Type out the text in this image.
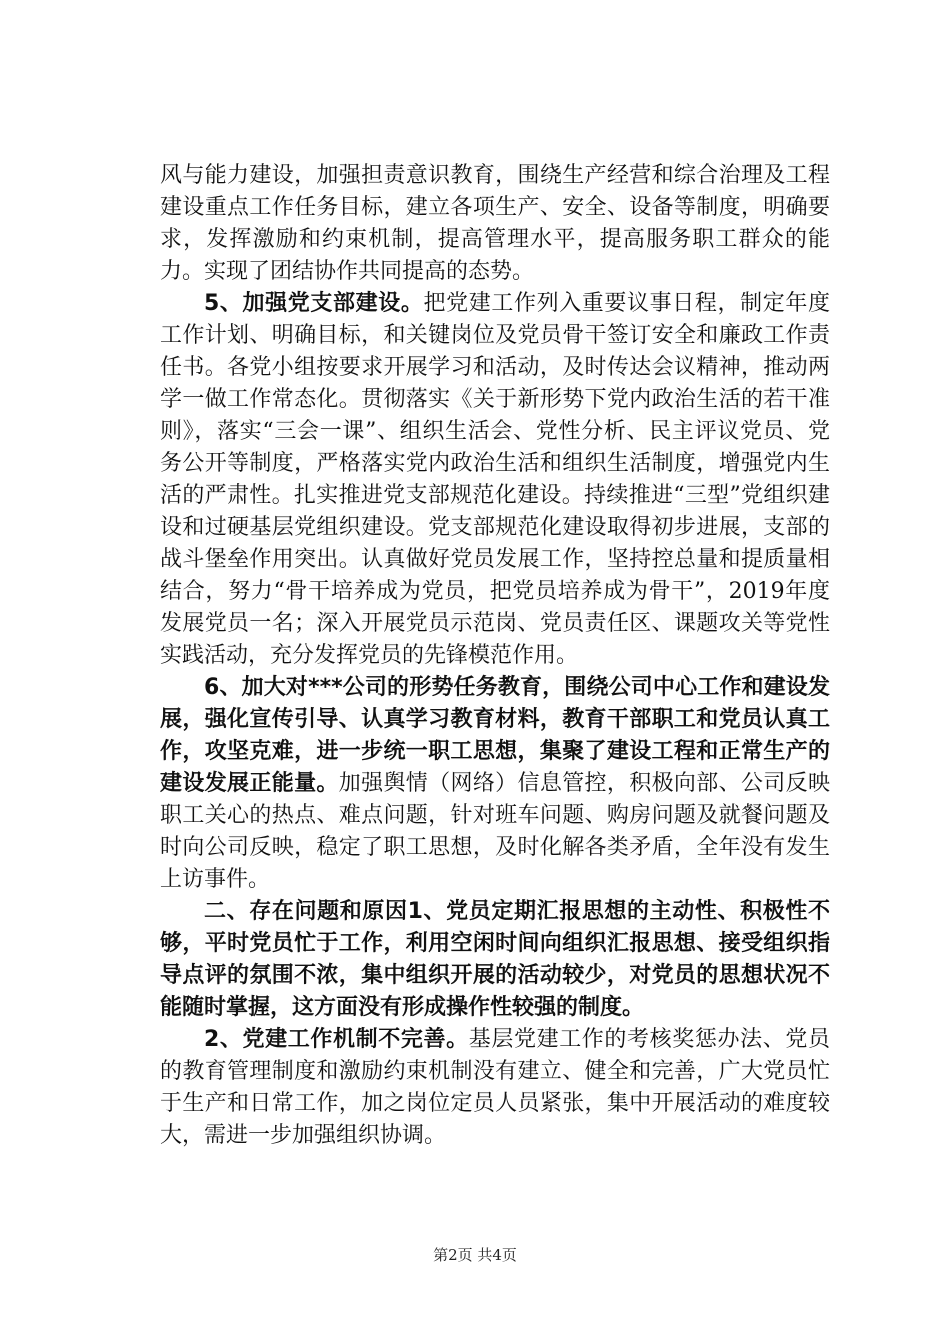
风与能力建设，加强担责意识教育，围绕生产经营和综合治理及工程建设重点工作任务目标，建立各项生产、安全、设备等制度，明确要求，发挥激励和约束机制，提高管理水平，提高服务职工群众的能力。实现了团结协作共同提高的态势。

5、加强党支部建设。把党建工作列入重要议事日程，制定年度工作计划、明确目标，和关键岗位及党员骨干签订安全和廉政工作责任书。各党小组按要求开展学习和活动，及时传达会议精神，推动两学一做工作常态化。贯彻落实《关于新形势下党内政治生活的若干准则》，落实“三会一课”、组织生活会、党性分析、民主评议党员、党务公开等制度，严格落实党内政治生活和组织生活制度，增强党内生活的严肃性。扎实推进党支部规范化建设。持续推进“三型”党组织建设和过硬基层党组织建设。党支部规范化建设取得初步进展，支部的战斗堡垒作用突出。认真做好党员发展工作，坚持控总量和提质量相结合，努力“骨干培养成为党员，把党员培养成为骨干”，2019年度发展党员一名；深入开展党员示范岗、党员责任区、课题攻关等党性实践活动，充分发挥党员的先锋模范作用。

6、加大对***公司的形势任务教育，围绕公司中心工作和建设发展，强化宣传引导、认真学习教育材料，教育干部职工和党员认真工作，攻坚克难，进一步统一职工思想，集聚了建设工程和正常生产的建设发展正能量。加强舆情（网络）信息管控，积极向部、公司反映职工关心的热点、难点问题，针对班车问题、购房问题及就餐问题及时向公司反映，稳定了职工思想，及时化解各类矛盾，全年没有发生上访事件。

二、存在问题和原因1、党员定期汇报思想的主动性、积极性不够，平时党员忙于工作，利用空闲时间向组织汇报思想、接受组织指导点评的氛围不浓，集中组织开展的活动较少，对党员的思想状况不能随时掌握，这方面没有形成操作性较强的制度。

2、党建工作机制不完善。基层党建工作的考核奖惩办法、党员的教育管理制度和激励约束机制没有建立、健全和完善，广大党员忙于生产和日常工作，加之岗位定员人员紧张，集中开展活动的难度较大，需进一步加强组织协调。

第2页 共4页
